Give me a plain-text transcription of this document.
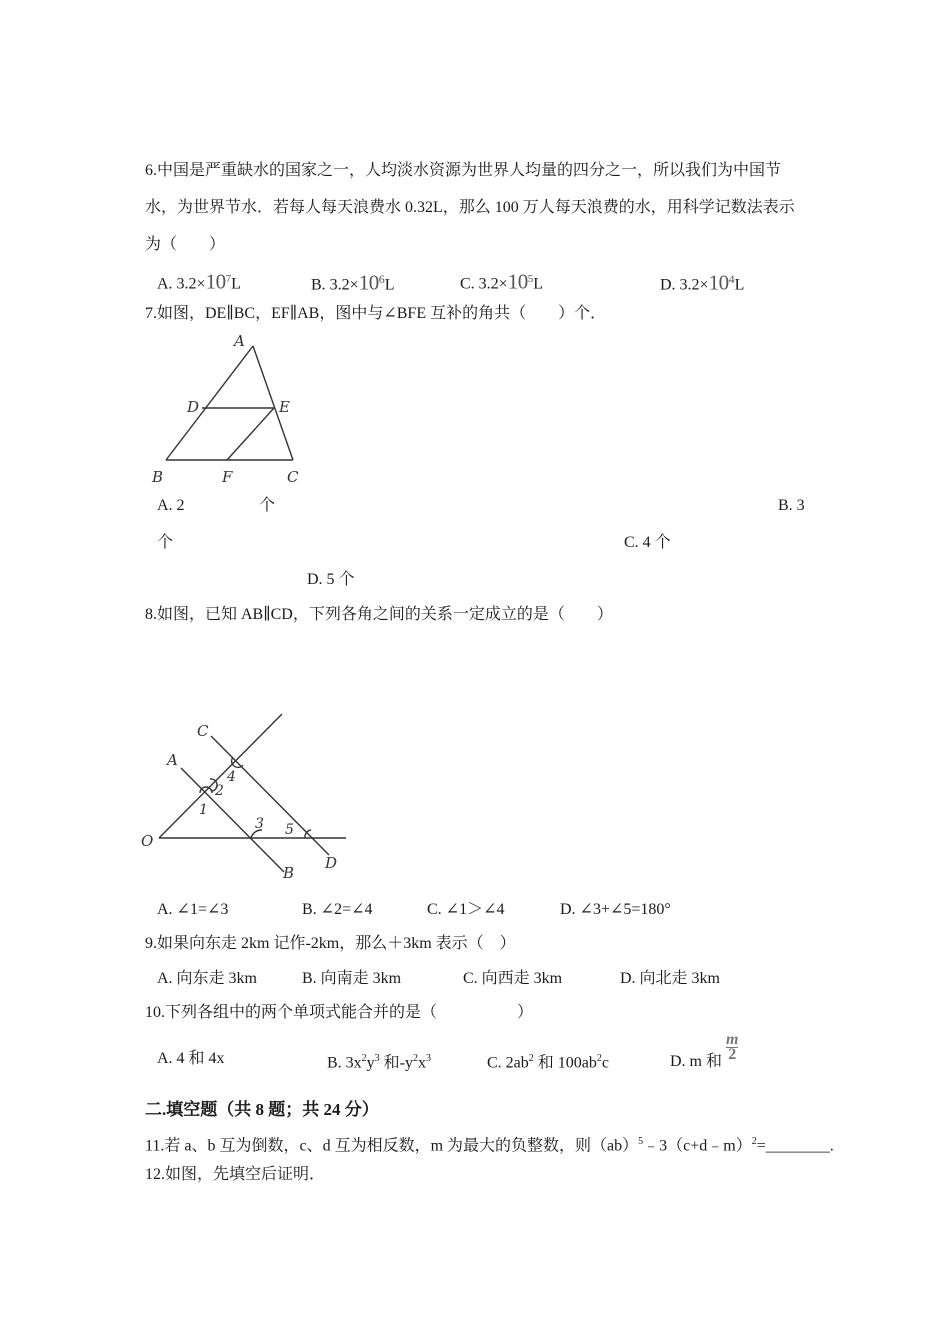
6.中国是严重缺水的国家之一，人均淡水资源为世界人均量的四分之一，所以我们为中国节
水，为世界节水．若每人每天浪费水 0.32L，那么 100 万人每天浪费的水，用科学记数法表示
为（　　）
A. $3.2\times 10^7L$	B. $3.2\times 10^6L$	C. $3.2\times 10^5L$	D. $3.2\times 10^4L$
7.如图，DE∥BC，EF∥AB，图中与∠BFE 互补的角共（　　）个．
A
D	E
B	F	C
A. 2	个	B. 3
个	C. 4 个
D. 5 个
8.如图，已知 AB∥CD，下列各角之间的关系一定成立的是（　　）
C
A
O
B
D
1
2
3
4
5
A. ∠1=∠3	B. ∠2=∠4	C. ∠1＞∠4	D. ∠3+∠5=180°
9.如果向东走 2km 记作-2km，那么＋3km 表示（　）
A. 向东走 3km	B. 向南走 3km	C. 向西走 3km	D. 向北走 3km
10.下列各组中的两个单项式能合并的是（　　　　　）
A. 4 和 4x	B. $3x^2y^3$ 和$-y^2x^3$	C. $2ab^2$ 和 $100ab^2c$	D. m 和 $\frac{m}{2}$
二.填空题（共 8 题；共 24 分）
11.若 a、b 互为倒数，c、d 互为相反数，m 为最大的负整数，则（ab）$^5$﹣3（c+d﹣m）$^2$=________.
12.如图，先填空后证明．
